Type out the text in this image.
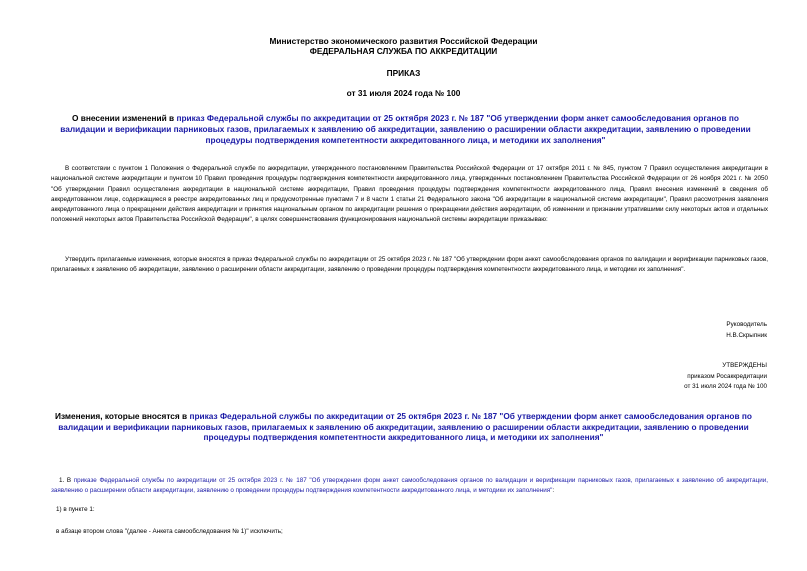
Министерство экономического развития Российской Федерации
ФЕДЕРАЛЬНАЯ СЛУЖБА ПО АККРЕДИТАЦИИ
ПРИКАЗ
от 31 июля 2024 года № 100
О внесении изменений в приказ Федеральной службы по аккредитации от 25 октября 2023 г. № 187 "Об утверждении форм анкет самообследования органов по валидации и верификации парниковых газов, прилагаемых к заявлению об аккредитации, заявлению о расширении области аккредитации, заявлению о проведении процедуры подтверждения компетентности аккредитованного лица, и методики их заполнения"

В соответствии с пунктом 1 Положения о Федеральной службе по аккредитации, утвержденного постановлением Правительства Российской Федерации от 17 октября 2011 г. № 845, пунктом 7 Правил осуществления аккредитации в национальной системе аккредитации и пунктом 10 Правил проведения процедуры подтверждения компетентности аккредитованного лица, утвержденных постановлением Правительства Российской Федерации от 26 ноября 2021 г. № 2050 "Об утверждении Правил осуществления аккредитации в национальной системе аккредитации, Правил проведения процедуры подтверждения компетентности аккредитованного лица, Правил внесения изменений в сведения об аккредитованном лице, содержащиеся в реестре аккредитованных лиц и предусмотренные пунктами 7 и 8 части 1 статьи 21 Федерального закона "Об аккредитации в национальной системе аккредитации", Правил рассмотрения заявления аккредитованного лица о прекращении действия аккредитации и принятия национальным органом по аккредитации решения о прекращении действия аккредитации, об изменении и признании утратившими силу некоторых актов и отдельных положений некоторых актов Правительства Российской Федерации", в целях совершенствования функционирования национальной системы аккредитации приказываю:

Утвердить прилагаемые изменения, которые вносятся в приказ Федеральной службы по аккредитации от 25 октября 2023 г. № 187 "Об утверждении форм анкет самообследования органов по валидации и верификации парниковых газов, прилагаемых к заявлению об аккредитации, заявлению о расширении области аккредитации, заявлению о проведении процедуры подтверждения компетентности аккредитованного лица, и методики их заполнения".

Руководитель
Н.В.Скрыпник
УТВЕРЖДЕНЫ
приказом Росаккредитации
от 31 июля 2024 года № 100
Изменения, которые вносятся в приказ Федеральной службы по аккредитации от 25 октября 2023 г. № 187 "Об утверждении форм анкет самообследования органов по валидации и верификации парниковых газов, прилагаемых к заявлению об аккредитации, заявлению о расширении области аккредитации, заявлению о проведении процедуры подтверждения компетентности аккредитованного лица, и методики их заполнения"

1. В приказе Федеральной службы по аккредитации от 25 октября 2023 г. № 187 "Об утверждении форм анкет самообследования органов по валидации и верификации парниковых газов, прилагаемых к заявлению об аккредитации, заявлению о расширении области аккредитации, заявлению о проведении процедуры подтверждения компетентности аккредитованного лица, и методики их заполнения":

1) в пункте 1:
в абзаце втором слова "(далее - Анкета самообследования № 1)" исключить;
